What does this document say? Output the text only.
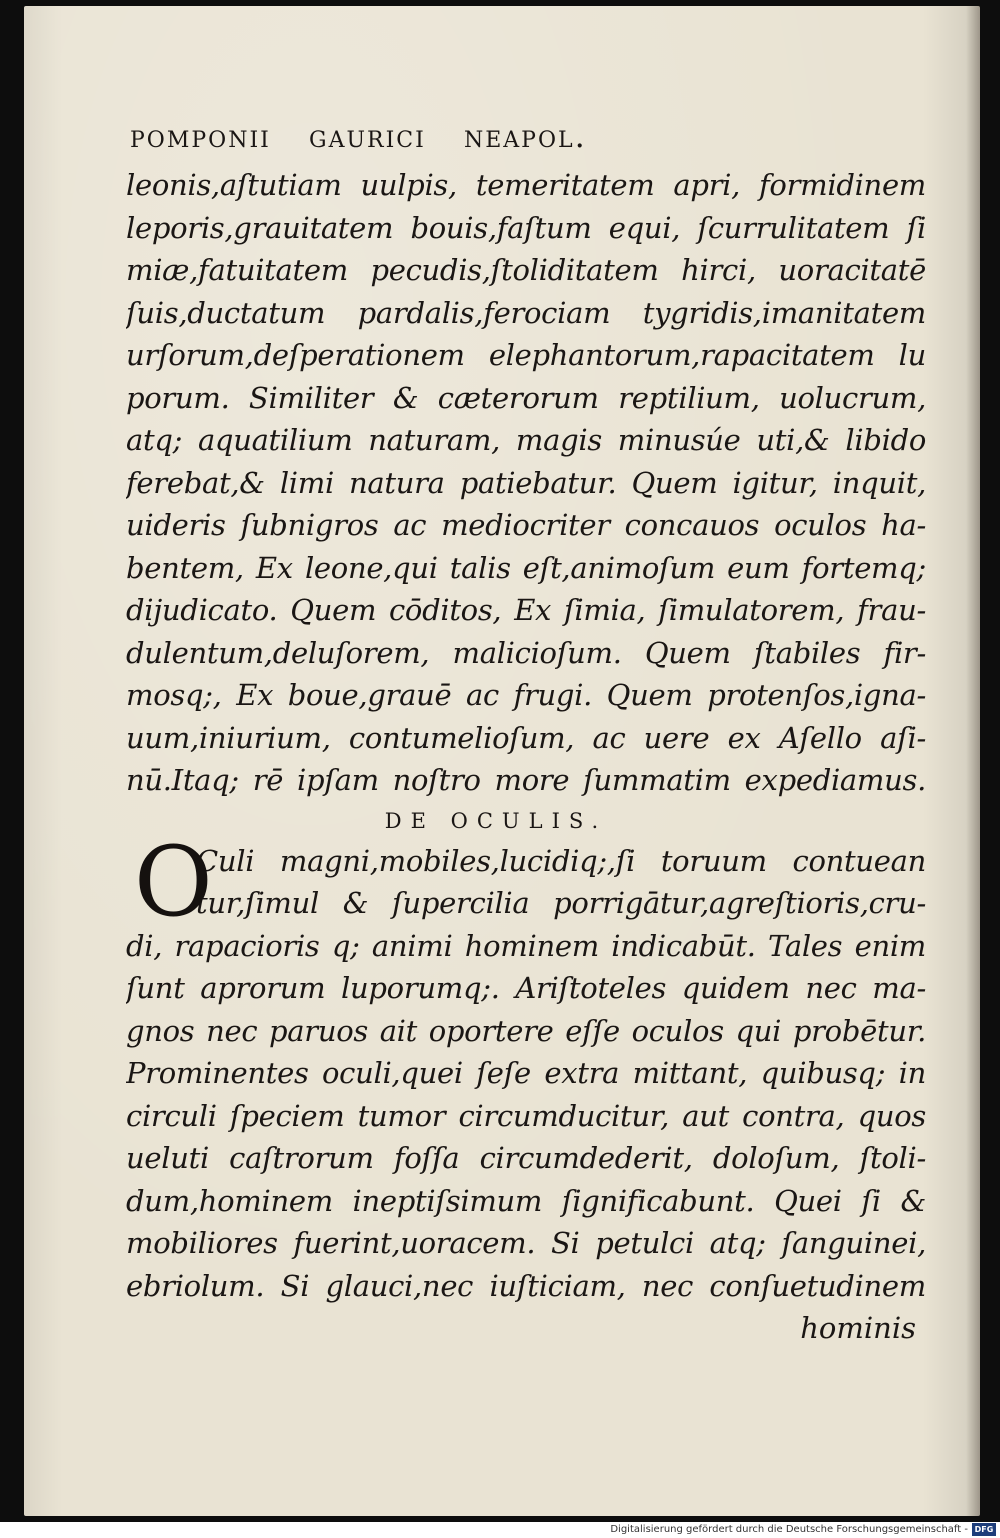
pomponii gaurici neapol.
leonis,aſtutiam uulpis, temeritatem apri, formidinem
leporis,grauitatem bouis,faſtum equi, ſcurrulitatem ſi
miæ,fatuitatem pecudis,ſtoliditatem hirci, uoracitatē
ſuis,ductatum pardalis,ferociam tygridis,imanitatem
urſorum,deſperationem elephantorum,rapacitatem lu
porum. Similiter & cæterorum reptilium, uolucrum,
atq; aquatilium naturam, magis minusúe uti,& libido
ferebat,& limi natura patiebatur. Quem igitur, inquit,
uideris ſubnigros ac mediocriter concauos oculos ha-
bentem, Ex leone,qui talis eſt,animoſum eum fortemq;
dijudicato. Quem cōditos, Ex ſimia, ſimulatorem, frau-
dulentum,deluſorem, malicioſum. Quem ſtabiles fir-
mosq;, Ex boue,grauē ac frugi. Quem protenſos,igna-
uum,iniurium, contumelioſum, ac uere ex Aſello aſi-
nū.Itaq; rē ipſam noſtro more ſummatim expediamus.
DE OCULIS.
O
Culi magni,mobiles,lucidiq;,ſi toruum contuean
tur,ſimul & ſupercilia porrigātur,agreſtioris,cru-
di, rapacioris q; animi hominem indicabūt. Tales enim
ſunt aprorum luporumq;. Ariſtoteles quidem nec ma-
gnos nec paruos ait oportere eſſe oculos qui probētur.
Prominentes oculi,quei ſeſe extra mittant, quibusq; in
circuli ſpeciem tumor circumducitur, aut contra, quos
ueluti caſtrorum foſſa circumdederit, doloſum, ſtoli-
dum,hominem ineptiſsimum ſignificabunt. Quei ſi &
mobiliores fuerint,uoracem. Si petulci atq; ſanguinei,
ebriolum. Si glauci,nec iuſticiam, nec conſuetudinem
hominis
Digitalisierung gefördert durch die Deutsche Forschungsgemeinschaft - DFG
